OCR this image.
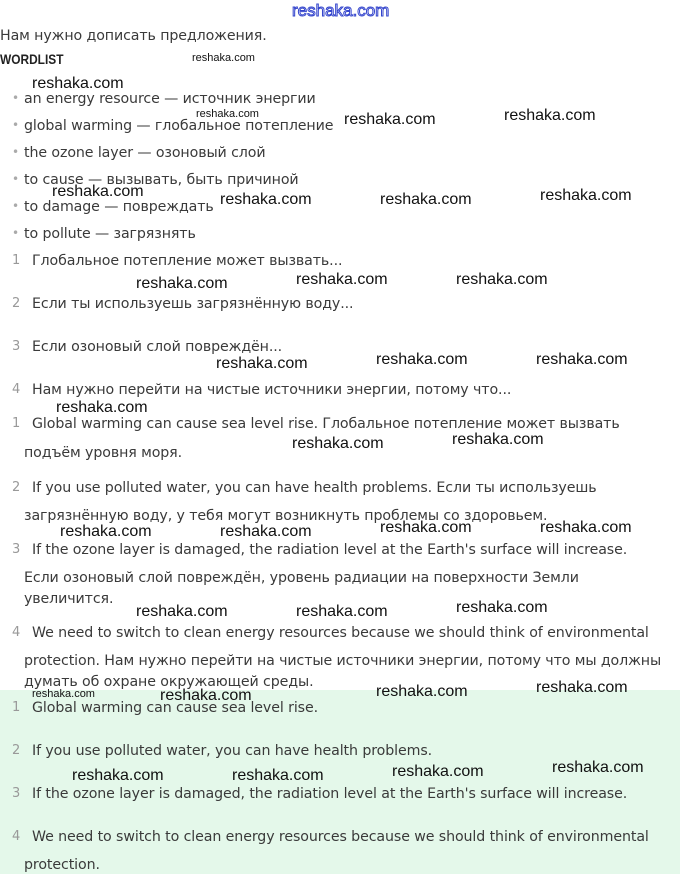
Нам нужно дописать предложения.
WORDLIST
• an energy resource — источник энергии
• global warming — глобальное потепление
• the ozone layer — озоновый слой
• to cause — вызывать, быть причиной
• to damage — повреждать
• to pollute — загрязнять
1 Глобальное потепление может вызвать...
2 Если ты используешь загрязнённую воду...
3 Если озоновый слой повреждён...
4 Нам нужно перейти на чистые источники энергии, потому что...
1 Global warming can cause sea level rise. Глобальное потепление может вызвать
подъём уровня моря.
2 If you use polluted water, you can have health problems. Если ты используешь
загрязнённую воду, у тебя могут возникнуть проблемы со здоровьем.
3 If the ozone layer is damaged, the radiation level at the Earth's surface will increase.
Если озоновый слой повреждён, уровень радиации на поверхности Земли
увеличится.
4 We need to switch to clean energy resources because we should think of environmental
protection. Нам нужно перейти на чистые источники энергии, потому что мы должны
думать об охране окружающей среды.
1 Global warming can cause sea level rise.
2 If you use polluted water, you can have health problems.
3 If the ozone layer is damaged, the radiation level at the Earth's surface will increase.
4 We need to switch to clean energy resources because we should think of environmental
protection.
reshaka.com
reshaka.com
reshaka.com
reshaka.com
reshaka.com
reshaka.com	reshaka.com
reshaka.com	reshaka.com	reshaka.com	reshaka.com
reshaka.com	reshaka.com	reshaka.com
reshaka.com	reshaka.com	reshaka.com
reshaka.com
reshaka.com	reshaka.com
reshaka.com	reshaka.com	reshaka.com	reshaka.com
reshaka.com	reshaka.com	reshaka.com
reshaka.com	reshaka.com	reshaka.com
reshaka.com	reshaka.com	reshaka.com	reshaka.com
